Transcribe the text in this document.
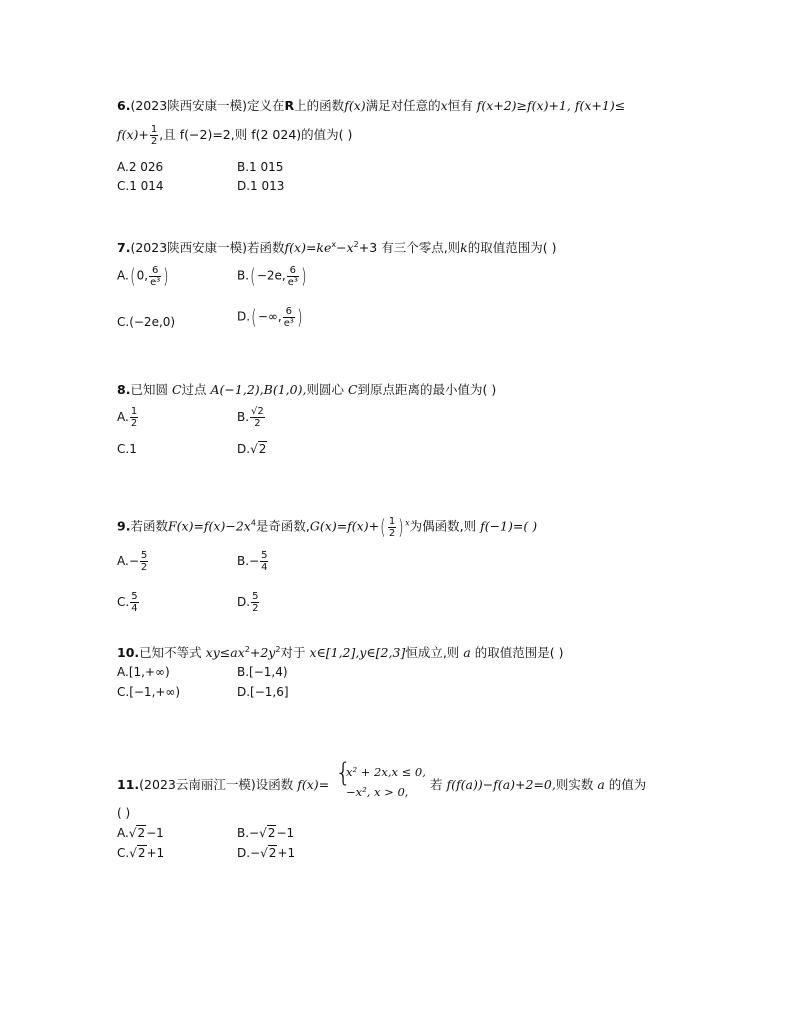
6.(2023陕西安康一模)定义在R上的函数f(x)满足对任意的x恒有 f(x+2)≥f(x)+1, f(x+1)≤
$f(x)+ \frac{1}{2}$ ,且 f(−2)=2,则 f(2 024)的值为( )
A.2 026	B.1 015
C.1 014	D.1 013
7.(2023陕西安康一模)若函数$f(x)=ke^x-x^2+3$ 有三个零点,则k的取值范围为( )
A.(0, $\frac{6}{\text{e³}}$ )	B.(−2e, $\frac{6}{\text{e³}}$ )
C.(−2e,0)	D.(−∞, $\frac{6}{\text{e³}}$ )
8.已知圆 C过点 A(−1,2),B(1,0),则圆心 C到原点距离的最小值为( )
A. $\frac{1}{2}$	B. $\frac{√2}{2}$
C.1	D.√2
9.若函数$F(x)=f(x)-2x^4$是奇函数$,G(x)=f(x)+( \frac{1}{2} )^x$为偶函数,则 f(−1)=( )
$A.- \frac{5}{2}$	$B.- \frac{5}{4}$
C. $\frac{5}{4}$	D. $\frac{5}{2}$
10.已知不等式 $xy\le ax^2+2y^2$对于 x∈[1,2],y∈[2,3]恒成立,则 a 的取值范围是( )
A.[1,+∞)	B.[−1,4)
C.[−1,+∞)	D.[−1,6]
11.(2023云南丽江一模)设函数 f(x)= {
x² + 2x,x ≤ 0,
−x², x > 0, 若 f(f(a))−f(a)+2=0,则实数 a 的值为
( )
A.√2−1	B.−√2−1
C.√2+1	D.−√2+1
